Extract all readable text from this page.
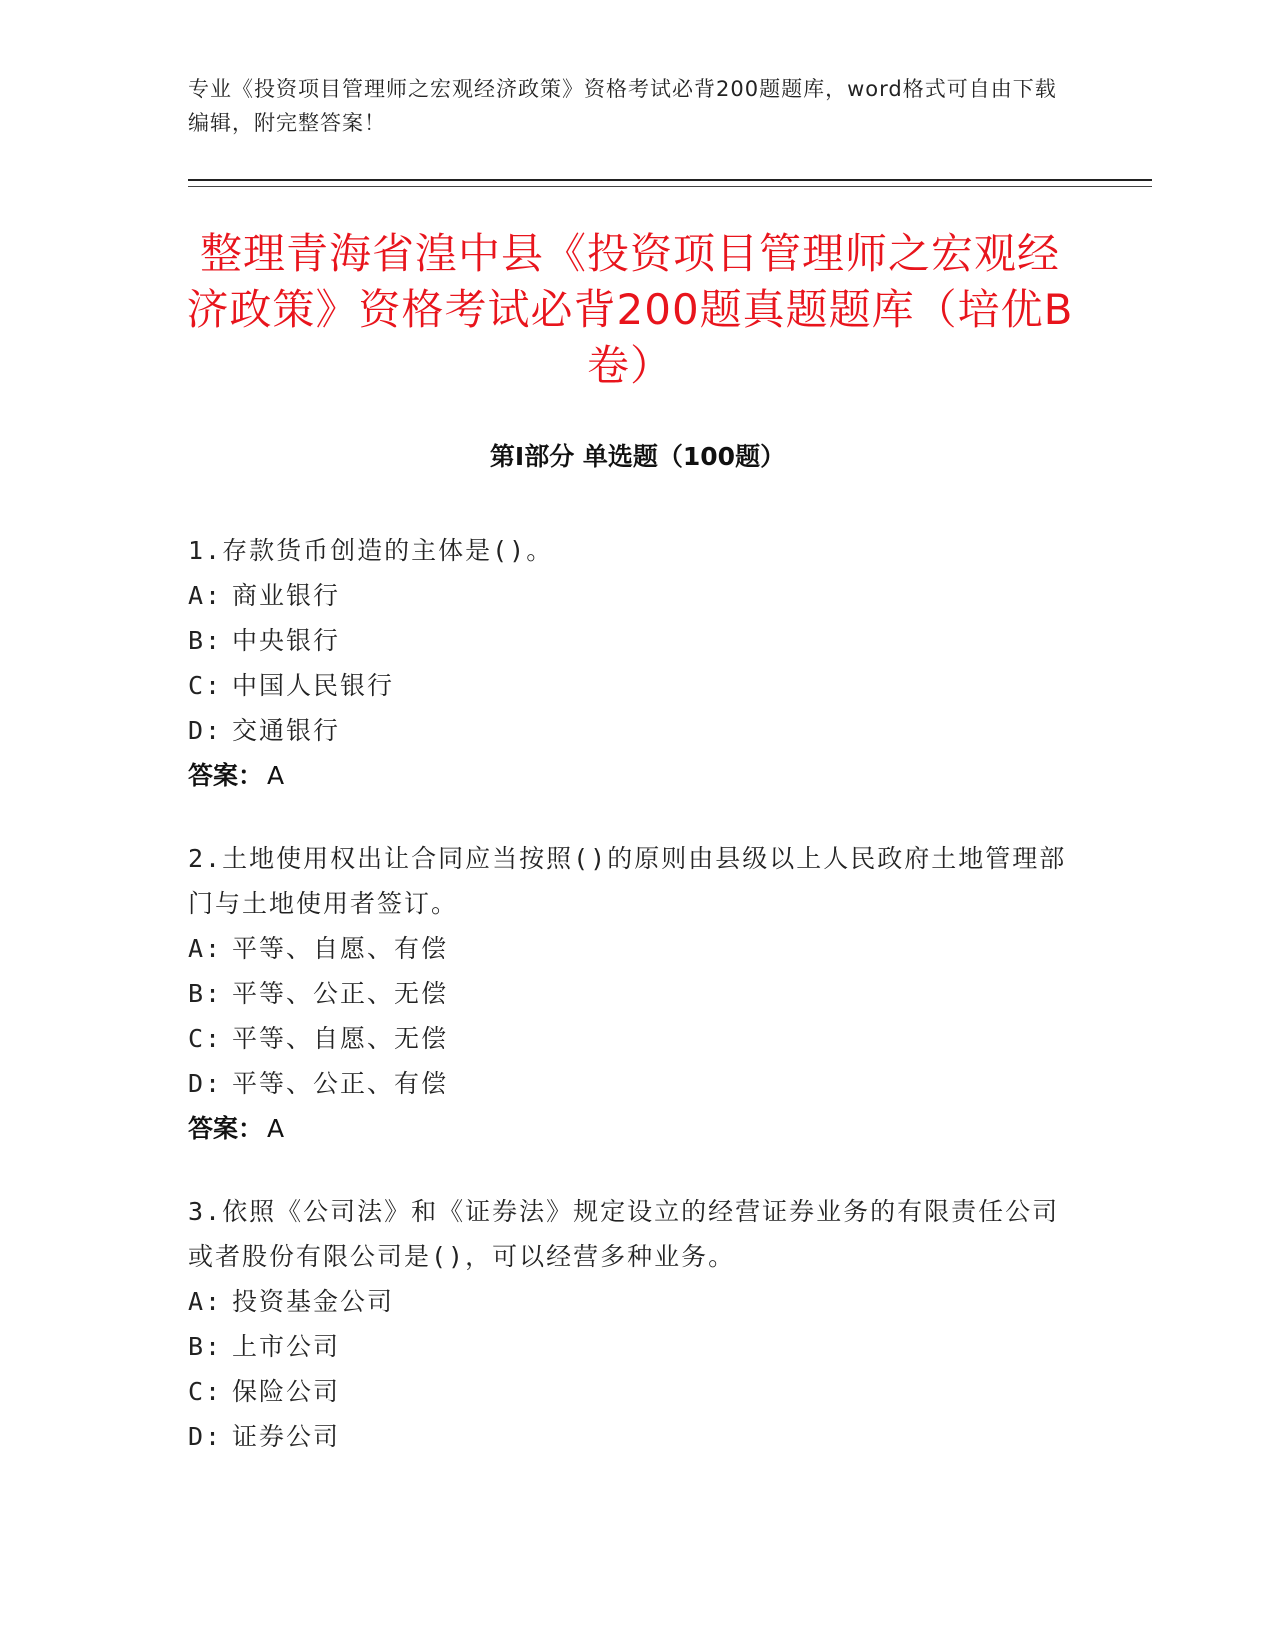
专业《投资项目管理师之宏观经济政策》资格考试必背200题题库，word格式可自由下载编辑，附完整答案！

整理青海省湟中县《投资项目管理师之宏观经济政策》资格考试必背200题真题题库（培优B卷）
第I部分 单选题（100题）

1.存款货币创造的主体是()。

A: 商业银行
B: 中央银行
C: 中国人民银行
D: 交通银行
答案： A

2.土地使用权出让合同应当按照()的原则由县级以上人民政府土地管理部门与土地使用者签订。

A: 平等、自愿、有偿
B: 平等、公正、无偿
C: 平等、自愿、无偿
D: 平等、公正、有偿
答案： A

3.依照《公司法》和《证券法》规定设立的经营证券业务的有限责任公司或者股份有限公司是()，可以经营多种业务。

A: 投资基金公司
B: 上市公司
C: 保险公司
D: 证券公司
